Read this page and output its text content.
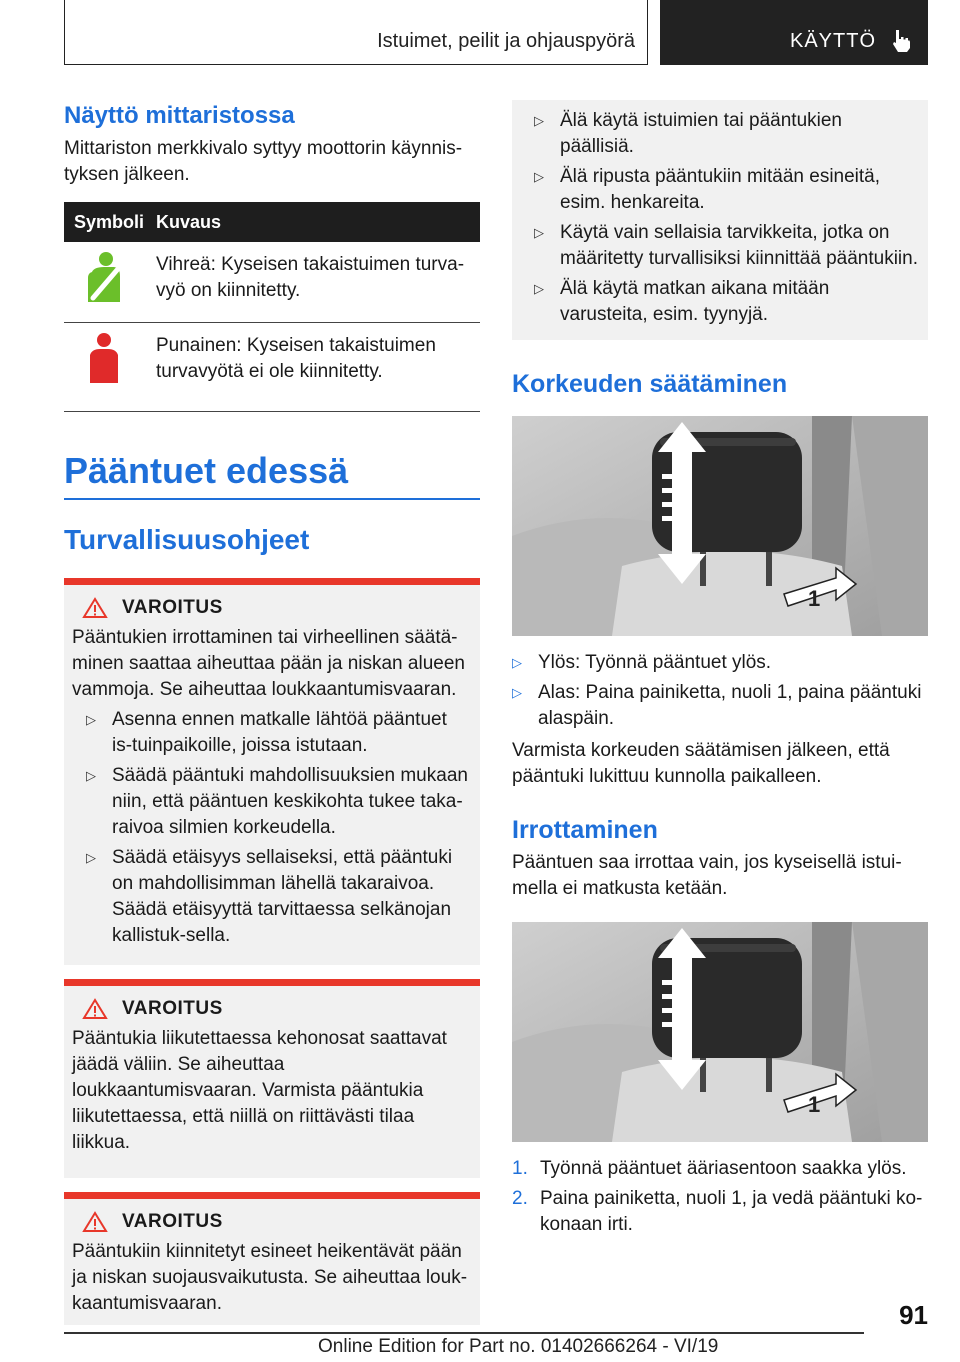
Istuimet, peilit ja ohjauspyörä	KÄYTTÖ
Näyttö mittaristossa
Mittariston merkkivalo syttyy moottorin käynnis-tyksen jälkeen.
Symboli	Kuvaus

	Vihreä: Kyseisen takaistuimen turva-vyö on kiinnitetty.

	Punainen: Kyseisen takaistuimen turvavyötä ei ole kiinnitetty.
Pääntuet edessä
Turvallisuusohjeet
VAROITUS
Pääntukien irrottaminen tai virheellinen säätä-minen saattaa aiheuttaa pään ja niskan alueen vammoja. Se aiheuttaa loukkaantumisvaaran.
▷ Asenna ennen matkalle lähtöä pääntuet is-tuinpaikoille, joissa istutaan.
▷ Säädä pääntuki mahdollisuuksien mukaan niin, että pääntuen keskikohta tukee taka-raivoa silmien korkeudella.
▷ Säädä etäisyys sellaiseksi, että pääntuki on mahdollisimman lähellä takaraivoa. Säädä etäisyyttä tarvittaessa selkänojan kallistuk-sella.
VAROITUS
Pääntukia liikutettaessa kehonosat saattavat jäädä väliin. Se aiheuttaa loukkaantumisvaaran. Varmista pääntukia liikutettaessa, että niillä on riittävästi tilaa liikkua.
VAROITUS
Pääntukiin kiinnitetyt esineet heikentävät pään ja niskan suojausvaikutusta. Se aiheuttaa louk-kaantumisvaaran.
▷ Älä käytä istuimien tai pääntukien päällisiä.
▷ Älä ripusta pääntukiin mitään esineitä, esim. henkareita.
▷ Käytä vain sellaisia tarvikkeita, jotka on määritetty turvallisiksi kiinnittää pääntukiin.
▷ Älä käytä matkan aikana mitään varusteita, esim. tyynyjä.
Korkeuden säätäminen
1
▷ Ylös: Työnnä pääntuet ylös.
▷ Alas: Paina painiketta, nuoli 1, paina pääntuki alaspäin.
Varmista korkeuden säätämisen jälkeen, että pääntuki lukittuu kunnolla paikalleen.
Irrottaminen
Pääntuen saa irrottaa vain, jos kyseisellä istui-mella ei matkusta ketään.
1
1. Työnnä pääntuet ääriasentoon saakka ylös.
2. Paina painiketta, nuoli 1, ja vedä pääntuki ko-konaan irti.
91
Online Edition for Part no. 01402666264 - VI/19
